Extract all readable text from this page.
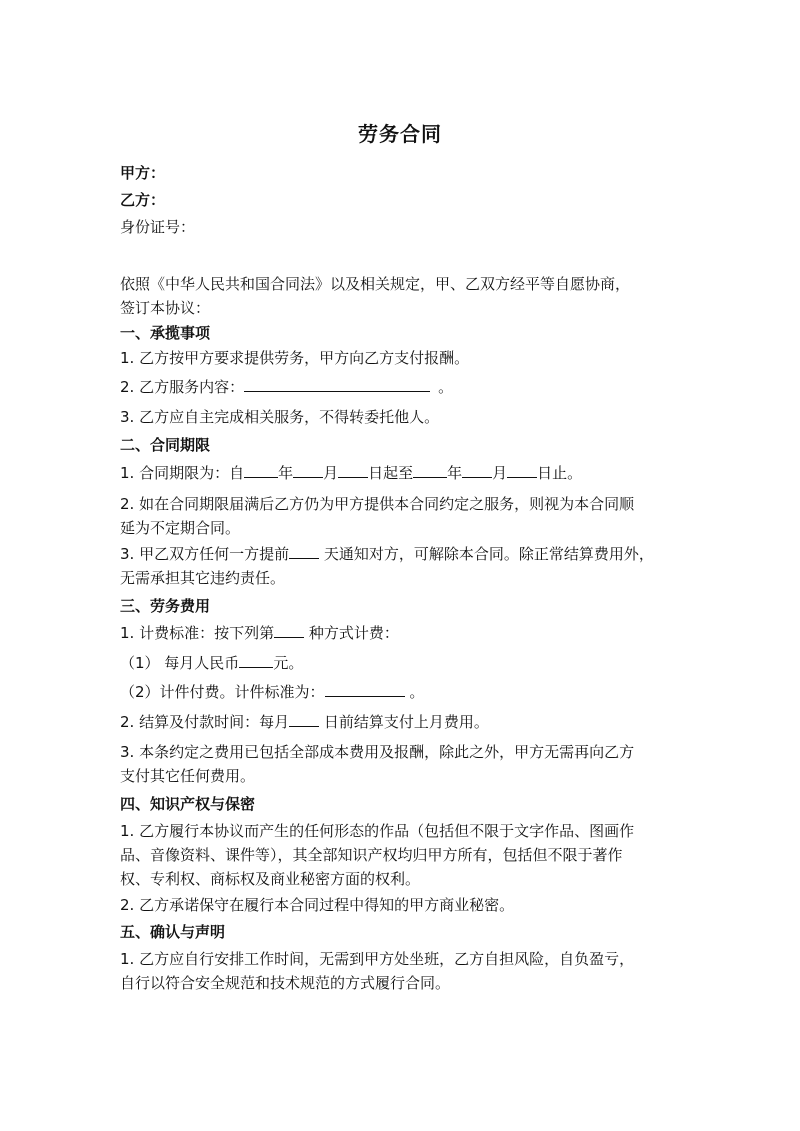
劳务合同
甲方：
乙方：
身份证号：
依照《中华人民共和国合同法》以及相关规定，甲、乙双方经平等自愿协商，
签订本协议：
一、承揽事项
1. 乙方按甲方要求提供劳务，甲方向乙方支付报酬。
2. 乙方服务内容：	。
3. 乙方应自主完成相关服务，不得转委托他人。
二、合同期限
1. 合同期限为：自 年 月 日起至 年 月 日止。
2. 如在合同期限届满后乙方仍为甲方提供本合同约定之服务，则视为本合同顺
延为不定期合同。
3. 甲乙双方任何一方提前 天通知对方，可解除本合同。除正常结算费用外，
无需承担其它违约责任。
三、劳务费用
1. 计费标准：按下列第 种方式计费：
（1） 每月人民币 元。
（2）计件付费。计件标准为：	。
2. 结算及付款时间：每月 日前结算支付上月费用。
3. 本条约定之费用已包括全部成本费用及报酬，除此之外，甲方无需再向乙方
支付其它任何费用。
四、知识产权与保密
1. 乙方履行本协议而产生的任何形态的作品（包括但不限于文字作品、图画作
品、音像资料、课件等），其全部知识产权均归甲方所有，包括但不限于著作
权、专利权、商标权及商业秘密方面的权利。
2. 乙方承诺保守在履行本合同过程中得知的甲方商业秘密。
五、确认与声明
1. 乙方应自行安排工作时间，无需到甲方处坐班，乙方自担风险，自负盈亏，
自行以符合安全规范和技术规范的方式履行合同。
